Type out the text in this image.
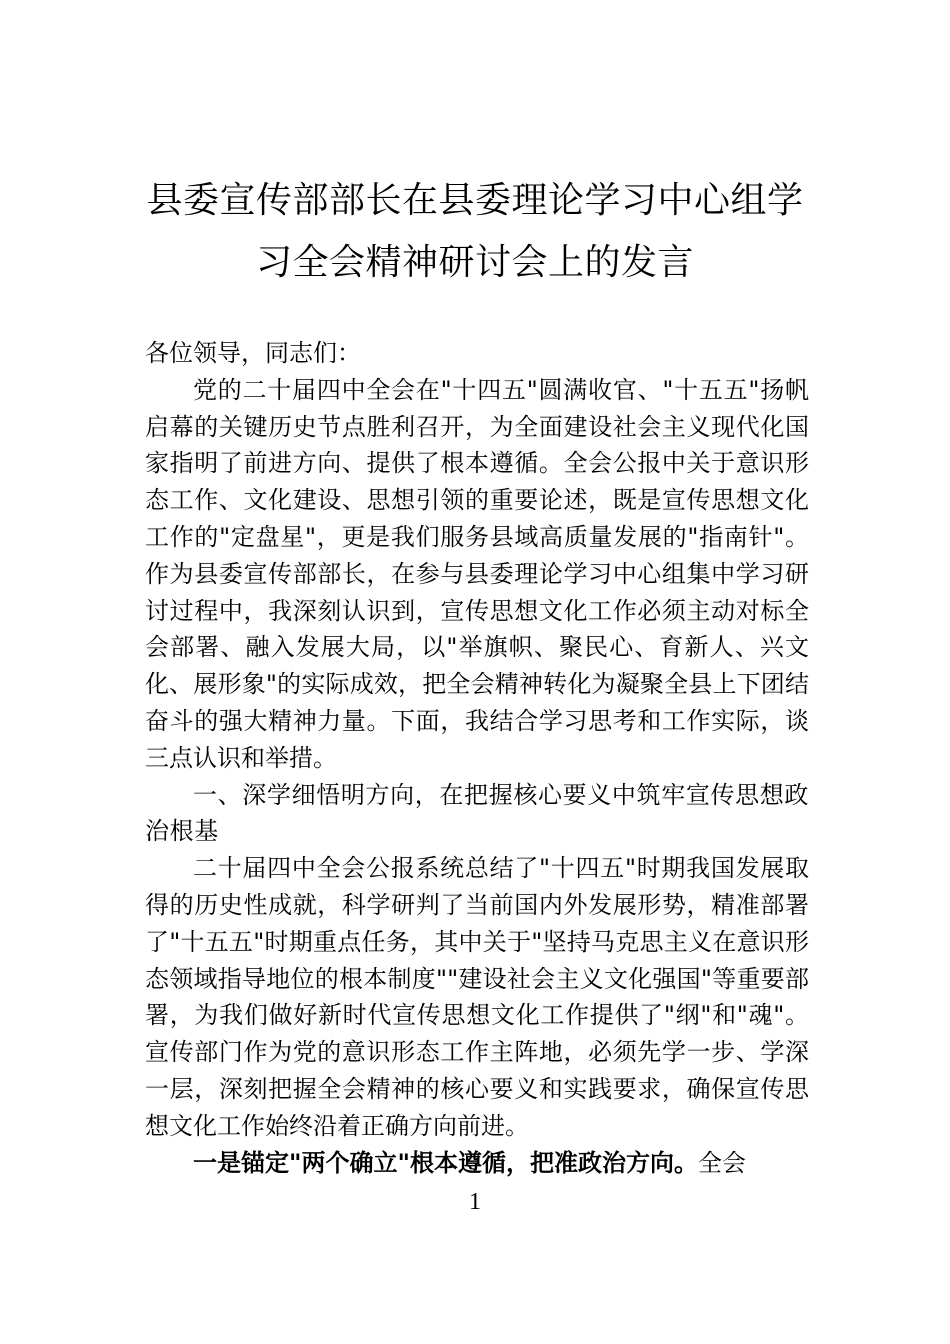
县委宣传部部长在县委理论学习中心组学
习全会精神研讨会上的发言

各位领导，同志们：

党的二十届四中全会在"十四五"圆满收官、"十五五"扬帆启幕的关键历史节点胜利召开，为全面建设社会主义现代化国家指明了前进方向、提供了根本遵循。全会公报中关于意识形态工作、文化建设、思想引领的重要论述，既是宣传思想文化工作的"定盘星"，更是我们服务县域高质量发展的"指南针"。作为县委宣传部部长，在参与县委理论学习中心组集中学习研讨过程中，我深刻认识到，宣传思想文化工作必须主动对标全会部署、融入发展大局，以"举旗帜、聚民心、育新人、兴文化、展形象"的实际成效，把全会精神转化为凝聚全县上下团结奋斗的强大精神力量。下面，我结合学习思考和工作实际，谈三点认识和举措。

一、深学细悟明方向，在把握核心要义中筑牢宣传思想政治根基

二十届四中全会公报系统总结了"十四五"时期我国发展取得的历史性成就，科学研判了当前国内外发展形势，精准部署了"十五五"时期重点任务，其中关于"坚持马克思主义在意识形态领域指导地位的根本制度""建设社会主义文化强国"等重要部署，为我们做好新时代宣传思想文化工作提供了"纲"和"魂"。宣传部门作为党的意识形态工作主阵地，必须先学一步、学深一层，深刻把握全会精神的核心要义和实践要求，确保宣传思想文化工作始终沿着正确方向前进。

一是锚定"两个确立"根本遵循，把准政治方向。全会

1
